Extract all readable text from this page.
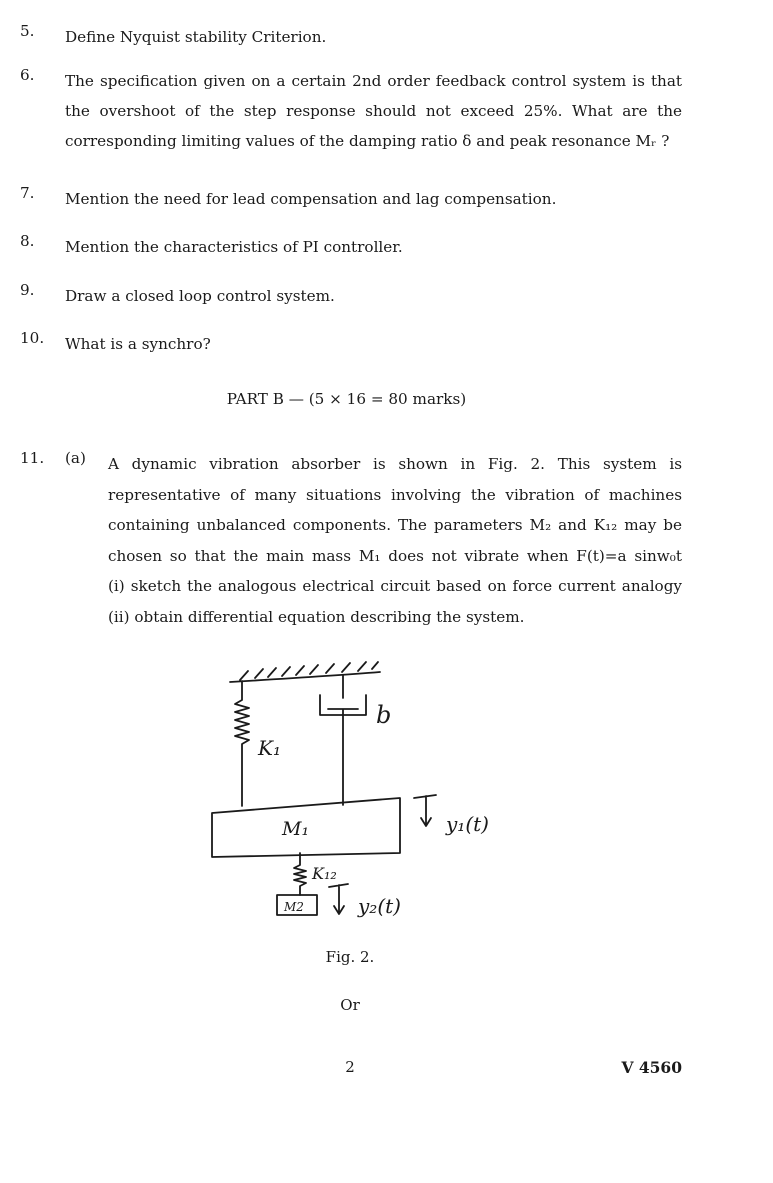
5.	Define Nyquist stability Criterion.
6.	The specification given on a certain 2nd order feedback control system is that
the overshoot of the step response should not exceed 25%. What are the
corresponding limiting values of the damping ratio δ and peak resonance Mᵣ ?
7.	Mention the need for lead compensation and lag compensation.
8.	Mention the characteristics of PI controller.
9.	Draw a closed loop control system.
10.	What is a synchro?
PART B — (5 × 16 = 80 marks)
11.	(a) A dynamic vibration absorber is shown in Fig. 2. This system is
representative of many situations involving the vibration of machines
containing unbalanced components. The parameters M₂ and K₁₂ may be
chosen so that the main mass M₁ does not vibrate when F(t)=a sinw₀t
(i) sketch the analogous electrical circuit based on force current analogy
(ii) obtain differential equation describing the system.
K₁
b
M₁	y₁(t)
K₁₂
M2	y₂(t)
Fig. 2.
Or
2	V 4560
